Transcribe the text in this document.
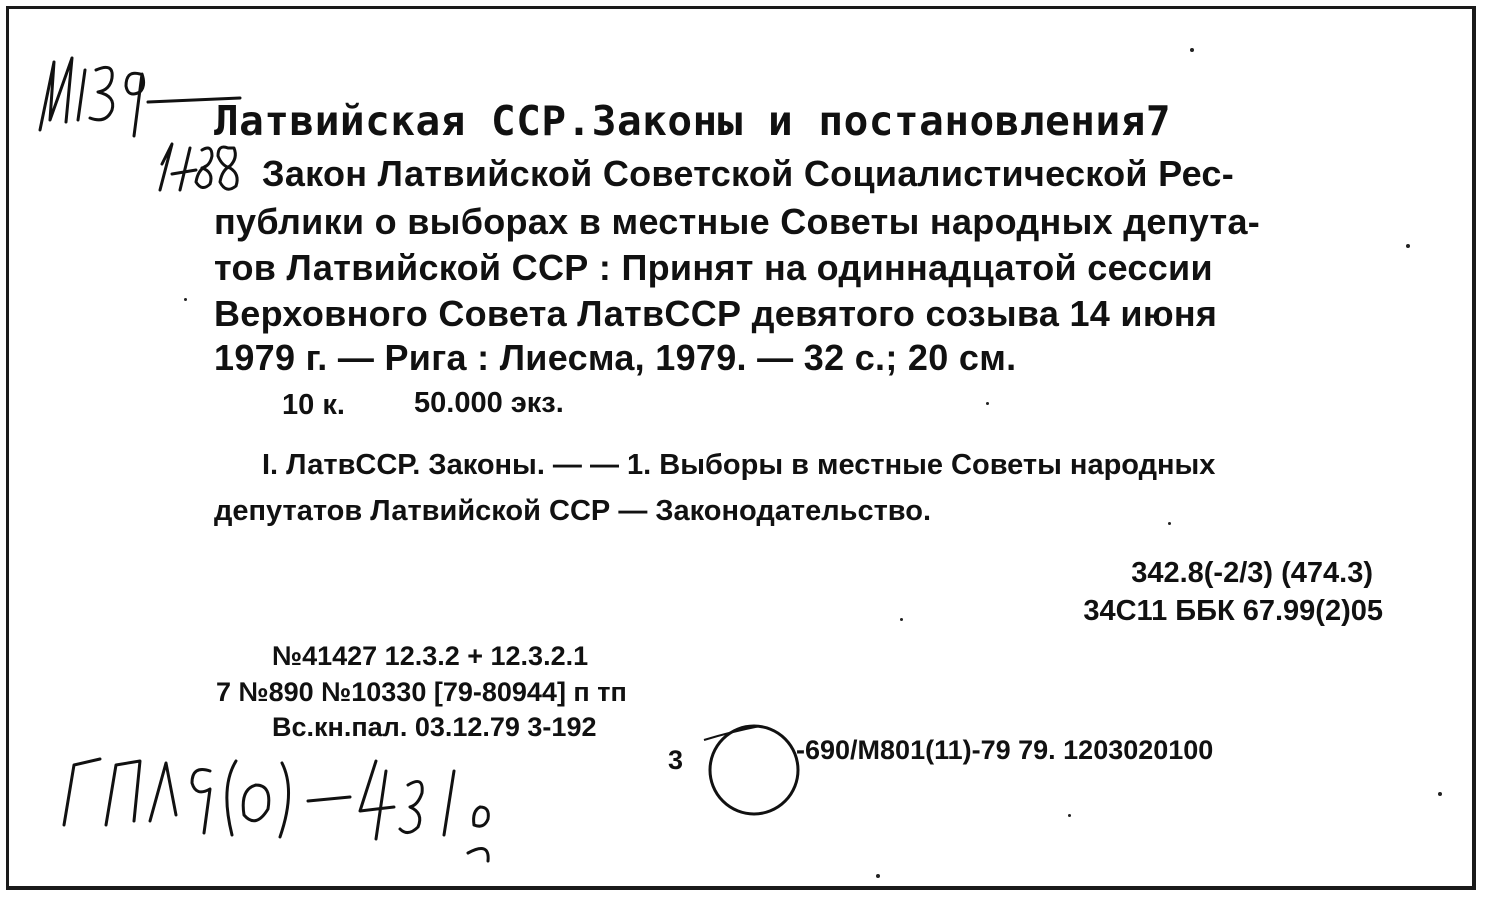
Латвийская ССР.Законы и постановления7
Закон Латвийской Советской Социалистической Рес-
публики о выборах в местные Советы народных депута-
тов Латвийской ССР : Принят на одиннадцатой сессии
Верховного Совета ЛатвССР девятого созыва 14 июня
1979 г. — Рига : Лиесма, 1979. — 32 с.; 20 см.
10 к. 50.000 экз.
I. ЛатвССР. Законы. — — 1. Выборы в местные Советы народных
депутатов Латвийской ССР — Законодательство.
342.8(-2/3) (474.3)
34С11 ББК 67.99(2)05
№41427 12.3.2 + 12.3.2.1
7 №890 №10330 [79-80944] п тп
Вс.кн.пал. 03.12.79 3-192
3	-690/М801(11)-79 79. 1203020100
